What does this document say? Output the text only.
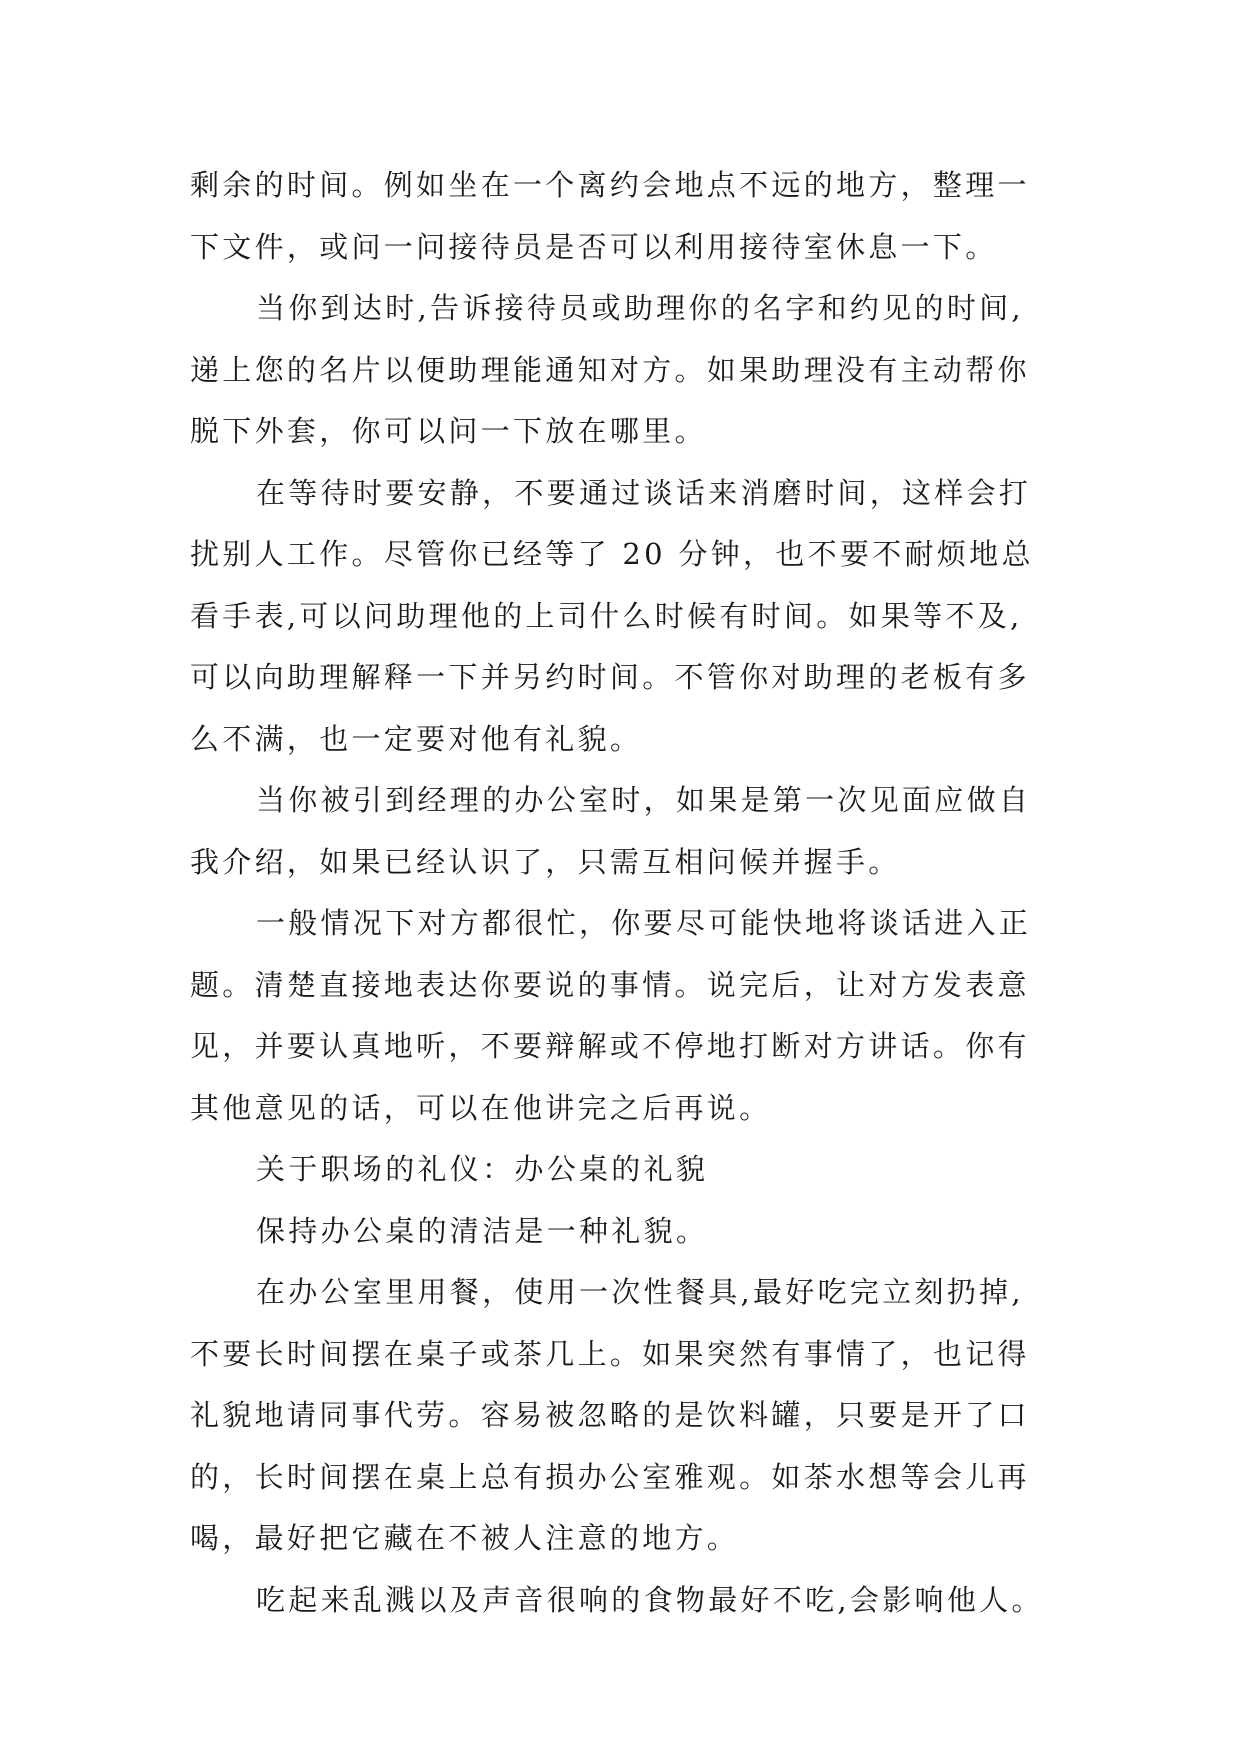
剩余的时间。例如坐在一个离约会地点不远的地方，整理一

下文件，或问一问接待员是否可以利用接待室休息一下。

当你到达时,告诉接待员或助理你的名字和约见的时间,

递上您的名片以便助理能通知对方。如果助理没有主动帮你

脱下外套，你可以问一下放在哪里。

在等待时要安静，不要通过谈话来消磨时间，这样会打

扰别人工作。尽管你已经等了 20 分钟，也不要不耐烦地总

看手表,可以问助理他的上司什么时候有时间。如果等不及,

可以向助理解释一下并另约时间。不管你对助理的老板有多

么不满，也一定要对他有礼貌。

当你被引到经理的办公室时，如果是第一次见面应做自

我介绍，如果已经认识了，只需互相问候并握手。

一般情况下对方都很忙，你要尽可能快地将谈话进入正

题。清楚直接地表达你要说的事情。说完后，让对方发表意

见，并要认真地听，不要辩解或不停地打断对方讲话。你有

其他意见的话，可以在他讲完之后再说。

关于职场的礼仪：办公桌的礼貌

保持办公桌的清洁是一种礼貌。

在办公室里用餐，使用一次性餐具,最好吃完立刻扔掉,

不要长时间摆在桌子或茶几上。如果突然有事情了，也记得

礼貌地请同事代劳。容易被忽略的是饮料罐，只要是开了口

的，长时间摆在桌上总有损办公室雅观。如茶水想等会儿再

喝，最好把它藏在不被人注意的地方。

吃起来乱溅以及声音很响的食物最好不吃,会影响他人。
